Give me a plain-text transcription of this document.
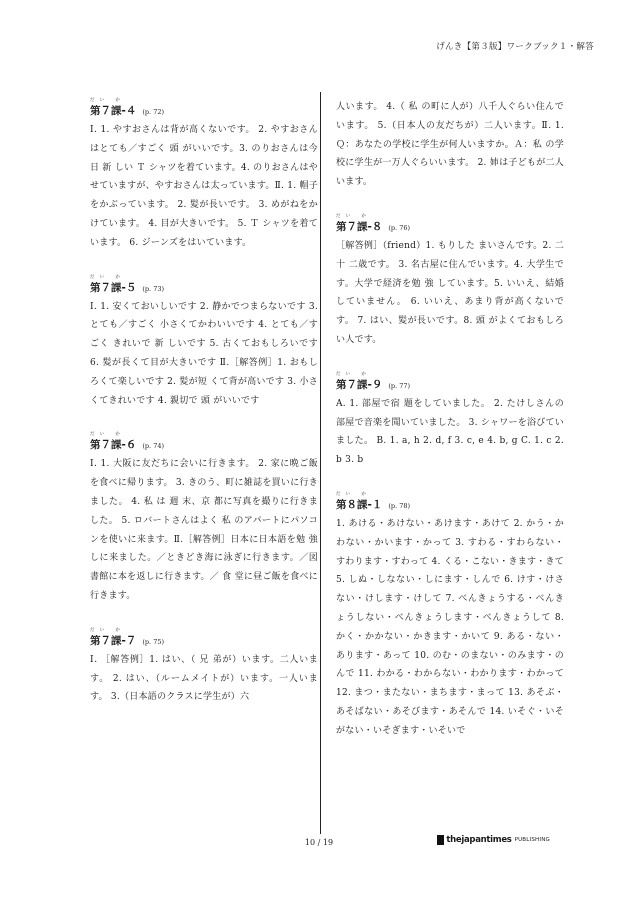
げんき【第３版】ワークブック１・解答
だい か
第７課-４ (p. 72)
Ⅰ. 1. やすおさんは背が高くないです。 2. やすおさんはとても／すごく 頭 がいいです。3. のりおさんは今日 新 しい Ｔ シャツを着ています。4. のりおさんはやせていますが、やすおさんは太っています。Ⅱ. 1. 帽子をかぶっています。 2. 髪が長いです。 3. めがねをかけています。 4. 目が大きいです。 5. Ｔ シャツを着ています。 6. ジーンズをはいています。
だい か
第７課-５ (p. 73)
Ⅰ. 1. 安くておいしいです 2. 静かでつまらないです 3. とても／すごく 小さくてかわいいです 4. とても／すごく きれいで 新 しいです 5. 古くておもしろいです 6. 髪が長くて目が大きいです Ⅱ.［解答例］1. おもしろくて楽しいです 2. 髪が短 くて背が高いです 3. 小さくてきれいです 4. 親切で 頭 がいいです
だい か
第７課-６ (p. 74)
Ⅰ. 1. 大阪に友だちに会いに行きます。 2. 家に晩ご飯を食べに帰ります。 3. きのう、町に雑誌を買いに行きました。 4. 私 は 週 末、京 都に写真を撮りに行きました。 5. ロバートさんはよく 私 のアパートにパソコンを使いに来ます。Ⅱ.［解答例］日本に日本語を勉 強 しに来ました。／ときどき海に泳ぎに行きます。／図書館に本を返しに行きます。／ 食 堂に昼ご飯を食べに行きます。
だい か
第７課-７ (p. 75)
Ⅰ. ［解答例］1. はい、（ 兄 弟が）います。二人います。 2. はい、（ルームメイトが）います。一人います。 3.（日本語のクラスに学生が）六
人います。 4.（ 私 の町に人が）八千人ぐらい住んでいます。 5.（日本人の友だちが）二人います。Ⅱ. 1. Ｑ：あなたの学校に学生が何人いますか。Ａ：私 の学校に学生が一万人ぐらいいます。 2. 姉は子どもが二人います。
だい か
第７課-８ (p. 76)
［解答例］（friend）1. もりした まいさんです。2. 二 十 二歳です。 3. 名古屋に住んでいます。4. 大学生です。大学で経済を勉 強 しています。5. いいえ、結婚していません。 6. いいえ、あまり背が高くないです。 7. はい、髪が長いです。8. 頭 がよくておもしろい人です。
だい か
第７課-９ (p. 77)
A. 1. 部屋で宿 題をしていました。 2. たけしさんの部屋で音楽を聞いていました。 3. シャワーを浴びていました。 B. 1. a, h 2. d, f 3. c, e 4. b, g C. 1. c 2. b 3. b
だい か
第８課-１ (p. 78)
1. あける・あけない・あけます・あけて 2. かう・かわない・かいます・かって 3. すわる・すわらない・すわります・すわって 4. くる・こない・きます・きて 5. しぬ・しなない・しにます・しんで 6. けす・けさない・けします・けして 7. べんきょうする・べんきょうしない・べんきょうします・べんきょうして 8. かく・かかない・かきます・かいて 9. ある・ない・あります・あって 10. のむ・のまない・のみます・のんで 11. わかる・わからない・わかります・わかって 12. まつ・またない・まちます・まって 13. あそぶ・あそばない・あそびます・あそんで 14. いそぐ・いそがない・いそぎます・いそいで
10 / 19	thejapantimes PUBLISHING
